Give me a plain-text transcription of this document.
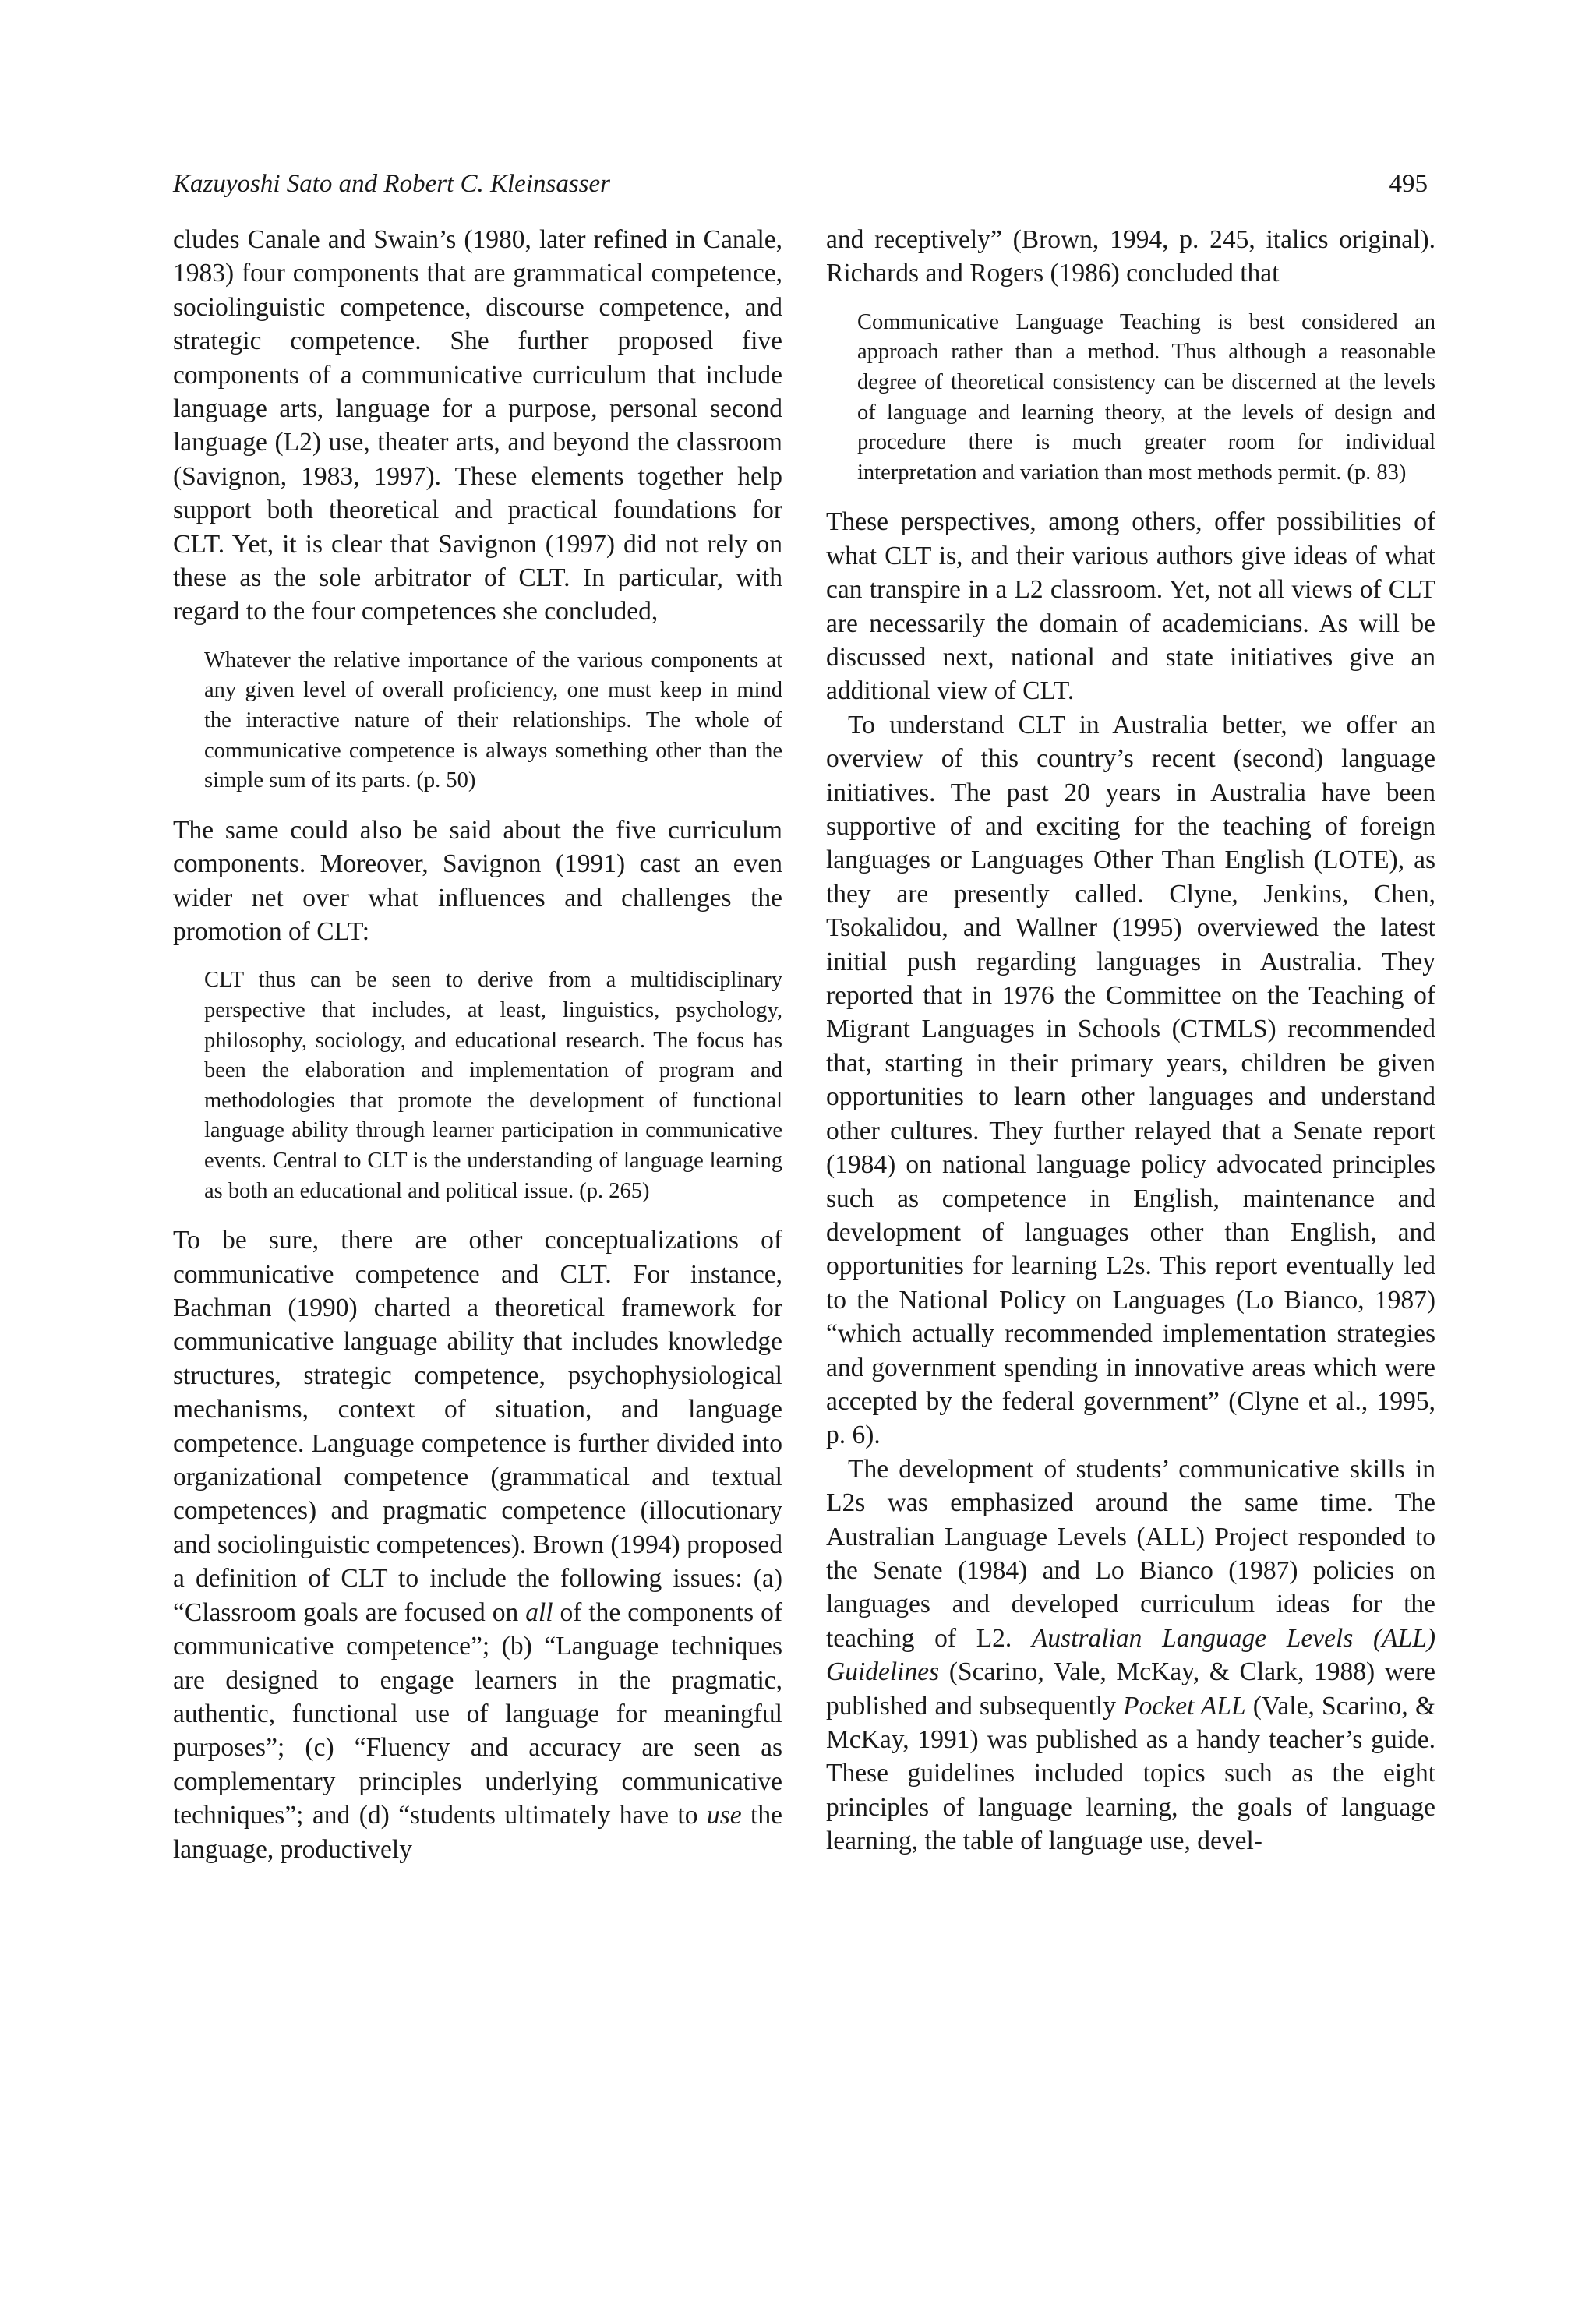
Kazuyoshi Sato and Robert C. Kleinsasser	495

cludes Canale and Swain’s (1980, later refined in Canale, 1983) four components that are grammatical competence, sociolinguistic competence, discourse competence, and strategic competence. She further proposed five components of a communicative curriculum that include language arts, language for a purpose, personal second language (L2) use, theater arts, and beyond the classroom (Savignon, 1983, 1997). These elements together help support both theoretical and practical foundations for CLT. Yet, it is clear that Savignon (1997) did not rely on these as the sole arbitrator of CLT. In particular, with regard to the four competences she concluded,

Whatever the relative importance of the various components at any given level of overall proficiency, one must keep in mind the interactive nature of their relationships. The whole of communicative competence is always something other than the simple sum of its parts. (p. 50)

The same could also be said about the five curriculum components. Moreover, Savignon (1991) cast an even wider net over what influences and challenges the promotion of CLT:

CLT thus can be seen to derive from a multidisciplinary perspective that includes, at least, linguistics, psychology, philosophy, sociology, and educational research. The focus has been the elaboration and implementation of program and methodologies that promote the development of functional language ability through learner participation in communicative events. Central to CLT is the understanding of language learning as both an educational and political issue. (p. 265)

To be sure, there are other conceptualizations of communicative competence and CLT. For instance, Bachman (1990) charted a theoretical framework for communicative language ability that includes knowledge structures, strategic competence, psychophysiological mechanisms, context of situation, and language competence. Language competence is further divided into organizational competence (grammatical and textual competences) and pragmatic competence (illocutionary and sociolinguistic competences). Brown (1994) proposed a definition of CLT to include the following issues: (a) “Classroom goals are focused on all of the components of communicative competence”; (b) “Language techniques are designed to engage learners in the pragmatic, authentic, functional use of language for meaningful purposes”; (c) “Fluency and accuracy are seen as complementary principles underlying communicative techniques”; and (d) “students ultimately have to use the language, productively

and receptively” (Brown, 1994, p. 245, italics original). Richards and Rogers (1986) concluded that

Communicative Language Teaching is best considered an approach rather than a method. Thus although a reasonable degree of theoretical consistency can be discerned at the levels of language and learning theory, at the levels of design and procedure there is much greater room for individual interpretation and variation than most methods permit. (p. 83)

These perspectives, among others, offer possibilities of what CLT is, and their various authors give ideas of what can transpire in a L2 classroom. Yet, not all views of CLT are necessarily the domain of academicians. As will be discussed next, national and state initiatives give an additional view of CLT.

To understand CLT in Australia better, we offer an overview of this country’s recent (second) language initiatives. The past 20 years in Australia have been supportive of and exciting for the teaching of foreign languages or Languages Other Than English (LOTE), as they are presently called. Clyne, Jenkins, Chen, Tsokalidou, and Wallner (1995) overviewed the latest initial push regarding languages in Australia. They reported that in 1976 the Committee on the Teaching of Migrant Languages in Schools (CTMLS) recommended that, starting in their primary years, children be given opportunities to learn other languages and understand other cultures. They further relayed that a Senate report (1984) on national language policy advocated principles such as competence in English, maintenance and development of languages other than English, and opportunities for learning L2s. This report eventually led to the National Policy on Languages (Lo Bianco, 1987) “which actually recommended implementation strategies and government spending in innovative areas which were accepted by the federal government” (Clyne et al., 1995, p. 6).

The development of students’ communicative skills in L2s was emphasized around the same time. The Australian Language Levels (ALL) Project responded to the Senate (1984) and Lo Bianco (1987) policies on languages and developed curriculum ideas for the teaching of L2. Australian Language Levels (ALL) Guidelines (Scarino, Vale, McKay, & Clark, 1988) were published and subsequently Pocket ALL (Vale, Scarino, & McKay, 1991) was published as a handy teacher’s guide. These guidelines included topics such as the eight principles of language learning, the goals of language learning, the table of language use, devel-
